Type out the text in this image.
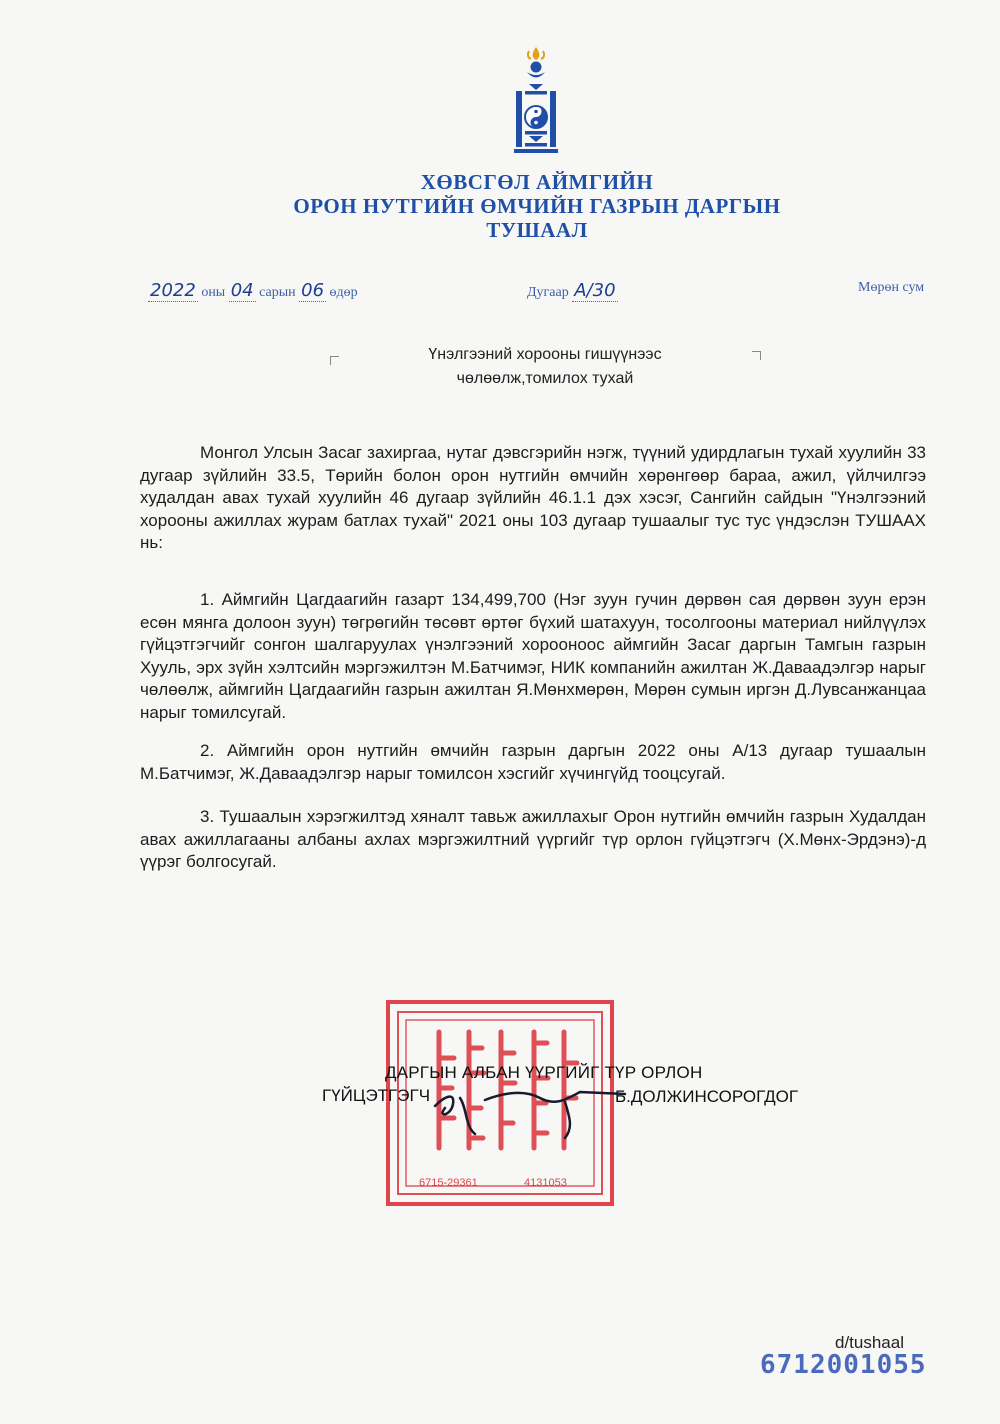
ХӨВСГӨЛ АЙМГИЙН
ОРОН НУТГИЙН ӨМЧИЙН ГАЗРЫН ДАРГЫН
ТУШААЛ
2022 оны 04 сарын 06 өдөр	Дугаар А/30	Мөрөн сум
Үнэлгээний хорооны гишүүнээс
чөлөөлж,томилох тухай
Монгол Улсын Засаг захиргаа, нутаг дэвсгэрийн нэгж, түүний удирдлагын тухай хуулийн 33 дугаар зүйлийн 33.5, Төрийн болон орон нутгийн өмчийн хөрөнгөөр бараа, ажил, үйлчилгээ худалдан авах тухай хуулийн 46 дугаар зүйлийн 46.1.1 дэх хэсэг, Сангийн сайдын "Үнэлгээний хорооны ажиллах журам батлах тухай" 2021 оны 103 дугаар тушаалыг тус тус үндэслэн ТУШААХ нь:
1. Аймгийн Цагдаагийн газарт 134,499,700 (Нэг зуун гучин дөрвөн сая дөрвөн зуун ерэн есөн мянга долоон зуун) төгрөгийн төсөвт өртөг бүхий шатахуун, тосолгооны материал нийлүүлэх гүйцэтгэгчийг сонгон шалгаруулах үнэлгээний хорооноос аймгийн Засаг даргын Тамгын газрын Хууль, эрх зүйн хэлтсийн мэргэжилтэн М.Батчимэг, НИК компанийн ажилтан Ж.Даваадэлгэр нарыг чөлөөлж, аймгийн Цагдаагийн газрын ажилтан Я.Мөнхмөрөн, Мөрөн сумын иргэн Д.Лувсанжанцаа нарыг томилсугай.
2. Аймгийн орон нутгийн өмчийн газрын даргын 2022 оны А/13 дугаар тушаалын М.Батчимэг, Ж.Даваадэлгэр нарыг томилсон хэсгийг хүчингүйд тооцсугай.
3. Тушаалын хэрэгжилтэд хяналт тавьж ажиллахыг Орон нутгийн өмчийн газрын Худалдан авах ажиллагааны албаны ахлах мэргэжилтний үүргийг түр орлон гүйцэтгэгч (Х.Мөнх-Эрдэнэ)-д үүрэг болгосугай.
6715-29361	4131053
ДАРГЫН АЛБАН ҮҮРГИЙГ ТҮР ОРЛОН
ГҮЙЦЭТГЭГЧ	Б.ДОЛЖИНСОРОГДОГ
d/tushaal
6712001055
